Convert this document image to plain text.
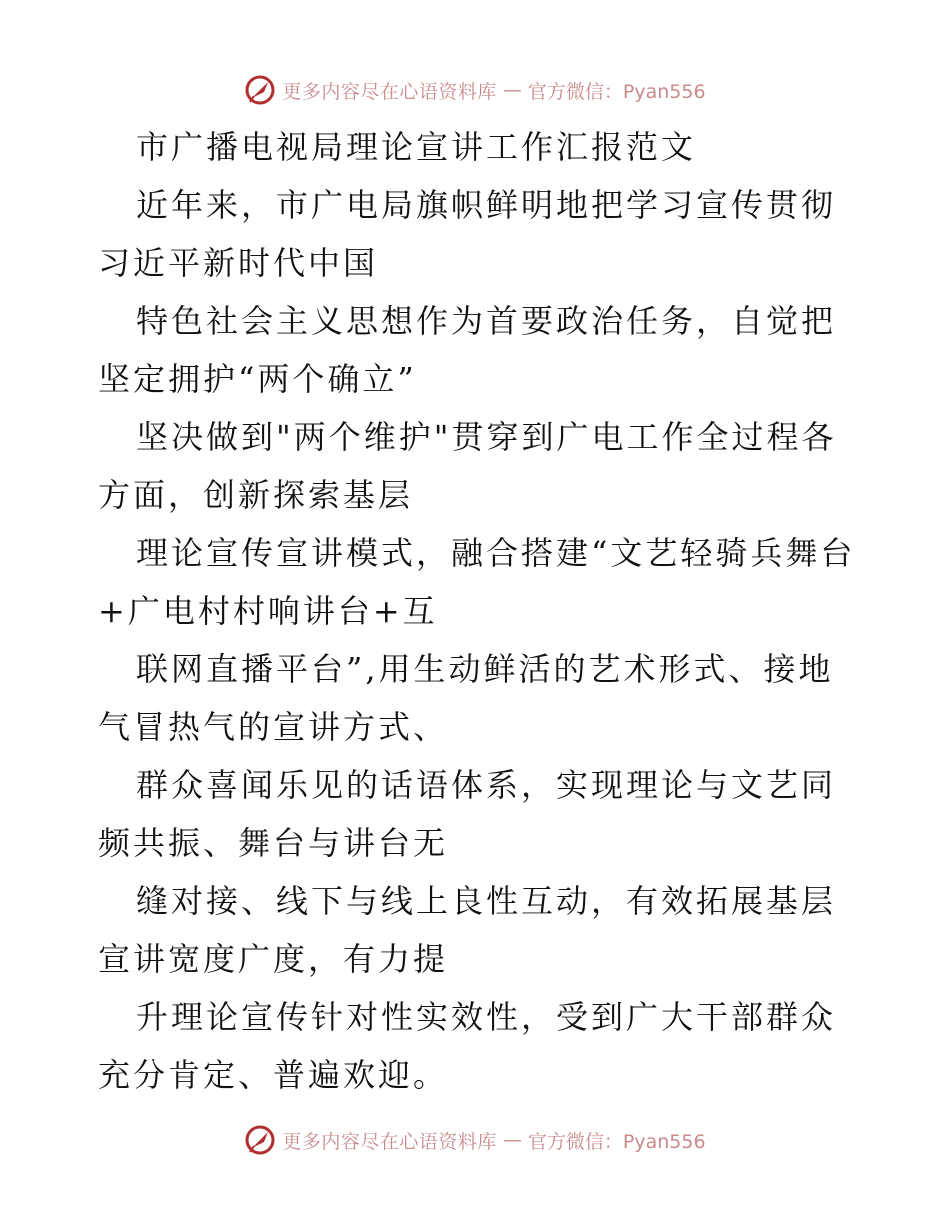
更多内容尽在心语资料库 — 官方微信：Pyan556

市广播电视局理论宣讲工作汇报范文

近年来，市广电局旗帜鲜明地把学习宣传贯彻习近平新时代中国

特色社会主义思想作为首要政治任务，自觉把坚定拥护“两个确立”

坚决做到"两个维护"贯穿到广电工作全过程各方面，创新探索基层

理论宣传宣讲模式，融合搭建“文艺轻骑兵舞台+广电村村响讲台+互

联网直播平台”,用生动鲜活的艺术形式、接地气冒热气的宣讲方式、

群众喜闻乐见的话语体系，实现理论与文艺同频共振、舞台与讲台无

缝对接、线下与线上良性互动，有效拓展基层宣讲宽度广度，有力提

升理论宣传针对性实效性，受到广大干部群众充分肯定、普遍欢迎。

更多内容尽在心语资料库 — 官方微信：Pyan556
